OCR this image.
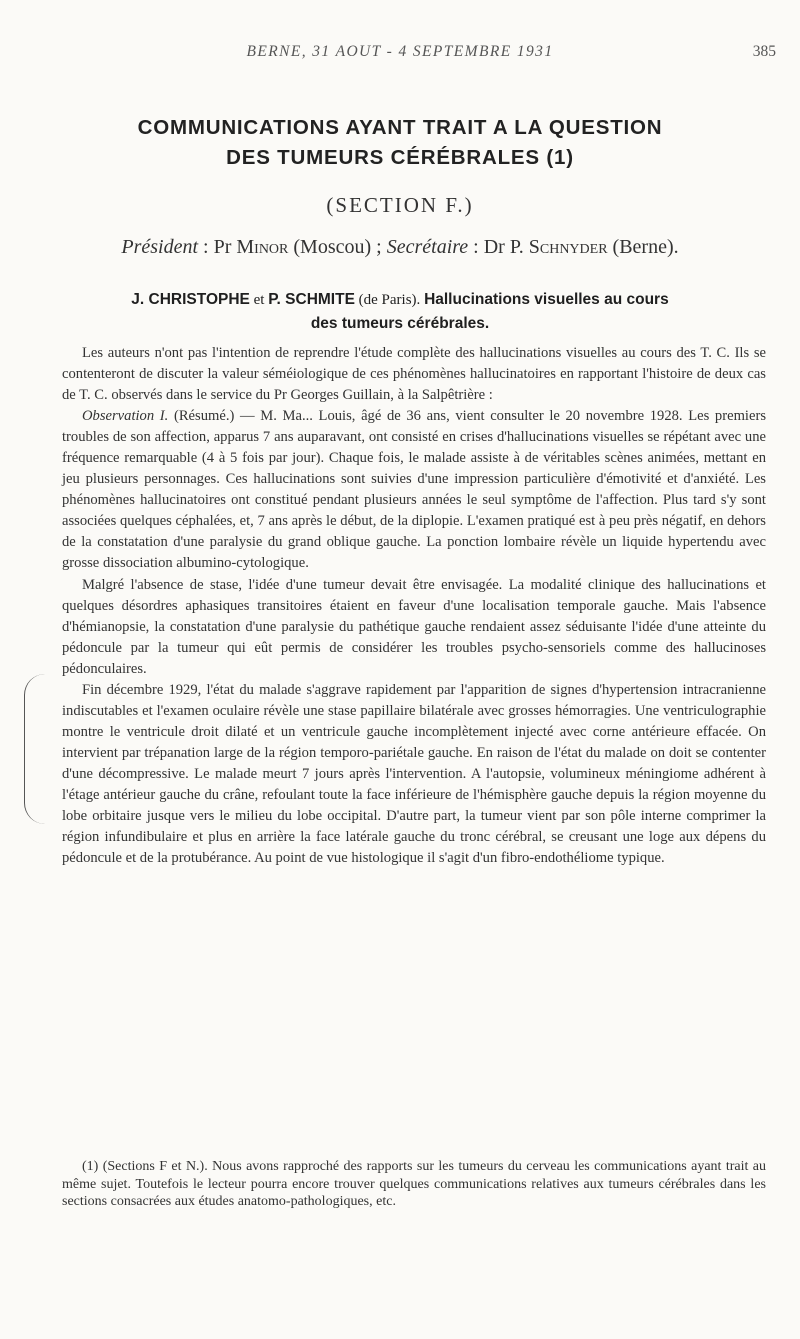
BERNE, 31 AOUT - 4 SEPTEMBRE 1931	385
COMMUNICATIONS AYANT TRAIT A LA QUESTION
DES TUMEURS CÉRÉBRALES (1)
(SECTION F.)
Président : Pr Minor (Moscou) ; Secrétaire : Dr P. Schnyder (Berne).
J. CHRISTOPHE et P. SCHMITE (de Paris). Hallucinations visuelles au cours
des tumeurs cérébrales.

Les auteurs n'ont pas l'intention de reprendre l'étude complète des hallucinations visuelles au cours des T. C. Ils se contenteront de discuter la valeur séméiologique de ces phénomènes hallucinatoires en rapportant l'histoire de deux cas de T. C. observés dans le service du Pr Georges Guillain, à la Salpêtrière :

Observation I. (Résumé.) — M. Ma... Louis, âgé de 36 ans, vient consulter le 20 novembre 1928. Les premiers troubles de son affection, apparus 7 ans auparavant, ont consisté en crises d'hallucinations visuelles se répétant avec une fréquence remarquable (4 à 5 fois par jour). Chaque fois, le malade assiste à de véritables scènes animées, mettant en jeu plusieurs personnages. Ces hallucinations sont suivies d'une impression particulière d'émotivité et d'anxiété. Les phénomènes hallucinatoires ont constitué pendant plusieurs années le seul symptôme de l'affection. Plus tard s'y sont associées quelques céphalées, et, 7 ans après le début, de la diplopie. L'examen pratiqué est à peu près négatif, en dehors de la constatation d'une paralysie du grand oblique gauche. La ponction lombaire révèle un liquide hypertendu avec grosse dissociation albumino-cytologique.

Malgré l'absence de stase, l'idée d'une tumeur devait être envisagée. La modalité clinique des hallucinations et quelques désordres aphasiques transitoires étaient en faveur d'une localisation temporale gauche. Mais l'absence d'hémianopsie, la constatation d'une paralysie du pathétique gauche rendaient assez séduisante l'idée d'une atteinte du pédoncule par la tumeur qui eût permis de considérer les troubles psycho-sensoriels comme des hallucinoses pédonculaires.

Fin décembre 1929, l'état du malade s'aggrave rapidement par l'apparition de signes d'hypertension intracranienne indiscutables et l'examen oculaire révèle une stase papillaire bilatérale avec grosses hémorragies. Une ventriculographie montre le ventricule droit dilaté et un ventricule gauche incomplètement injecté avec corne antérieure effacée. On intervient par trépanation large de la région temporo-pariétale gauche. En raison de l'état du malade on doit se contenter d'une décompressive. Le malade meurt 7 jours après l'intervention. A l'autopsie, volumineux méningiome adhérent à l'étage antérieur gauche du crâne, refoulant toute la face inférieure de l'hémisphère gauche depuis la région moyenne du lobe orbitaire jusque vers le milieu du lobe occipital. D'autre part, la tumeur vient par son pôle interne comprimer la région infundibulaire et plus en arrière la face latérale gauche du tronc cérébral, se creusant une loge aux dépens du pédoncule et de la protubérance. Au point de vue histologique il s'agit d'un fibro-endothéliome typique.

(1) (Sections F et N.). Nous avons rapproché des rapports sur les tumeurs du cerveau les communications ayant trait au même sujet. Toutefois le lecteur pourra encore trouver quelques communications relatives aux tumeurs cérébrales dans les sections consacrées aux études anatomo-pathologiques, etc.
